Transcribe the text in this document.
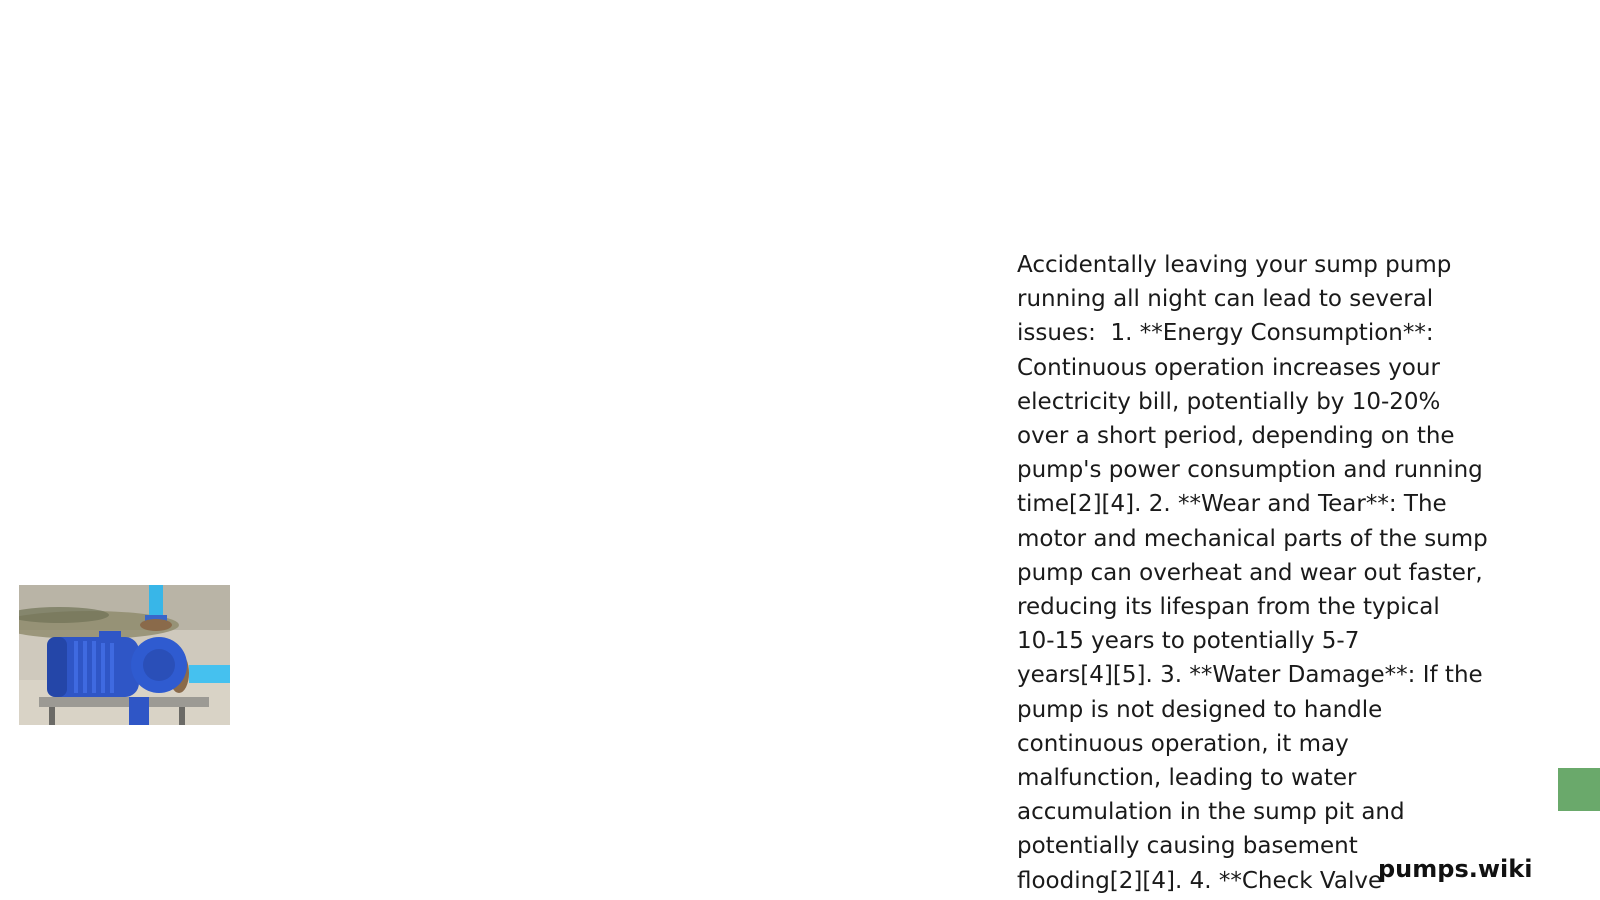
Accidentally leaving your sump pump
running all night can lead to several
issues:  1. **Energy Consumption**:
Continuous operation increases your
electricity bill, potentially by 10-20%
over a short period, depending on the
pump's power consumption and running
time[2][4]. 2. **Wear and Tear**: The
motor and mechanical parts of the sump
pump can overheat and wear out faster,
reducing its lifespan from the typical
10-15 years to potentially 5-7
years[4][5]. 3. **Water Damage**: If the
pump is not designed to handle
continuous operation, it may
malfunction, leading to water
accumulation in the sump pit and
potentially causing basement
flooding[2][4]. 4. **Check Valve

pumps.wiki
